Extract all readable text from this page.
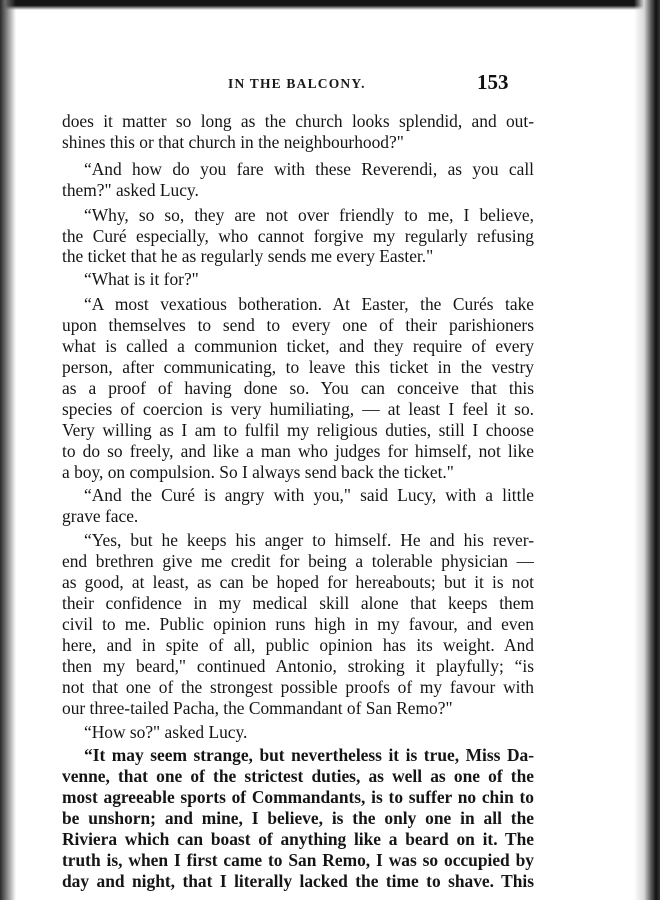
IN THE BALCONY.	153
does it matter so long as the church looks splendid, and out-
shines this or that church in the neighbourhood?"
“And how do you fare with these Reverendi, as you call
them?" asked Lucy.
“Why, so so, they are not over friendly to me, I believe,
the Curé especially, who cannot forgive my regularly refusing
the ticket that he as regularly sends me every Easter."
“What is it for?"
“A most vexatious botheration. At Easter, the Curés take
upon themselves to send to every one of their parishioners
what is called a communion ticket, and they require of every
person, after communicating, to leave this ticket in the vestry
as a proof of having done so. You can conceive that this
species of coercion is very humiliating, — at least I feel it so.
Very willing as I am to fulfil my religious duties, still I choose
to do so freely, and like a man who judges for himself, not like
a boy, on compulsion. So I always send back the ticket."
“And the Curé is angry with you," said Lucy, with a little
grave face.
“Yes, but he keeps his anger to himself. He and his rever-
end brethren give me credit for being a tolerable physician —
as good, at least, as can be hoped for hereabouts; but it is not
their confidence in my medical skill alone that keeps them
civil to me. Public opinion runs high in my favour, and even
here, and in spite of all, public opinion has its weight. And
then my beard," continued Antonio, stroking it playfully; “is
not that one of the strongest possible proofs of my favour with
our three-tailed Pacha, the Commandant of San Remo?"
“How so?" asked Lucy.
“It may seem strange, but nevertheless it is true, Miss Da-
venne, that one of the strictest duties, as well as one of the
most agreeable sports of Commandants, is to suffer no chin to
be unshorn; and mine, I believe, is the only one in all the
Riviera which can boast of anything like a beard on it. The
truth is, when I first came to San Remo, I was so occupied by
day and night, that I literally lacked the time to shave. This
